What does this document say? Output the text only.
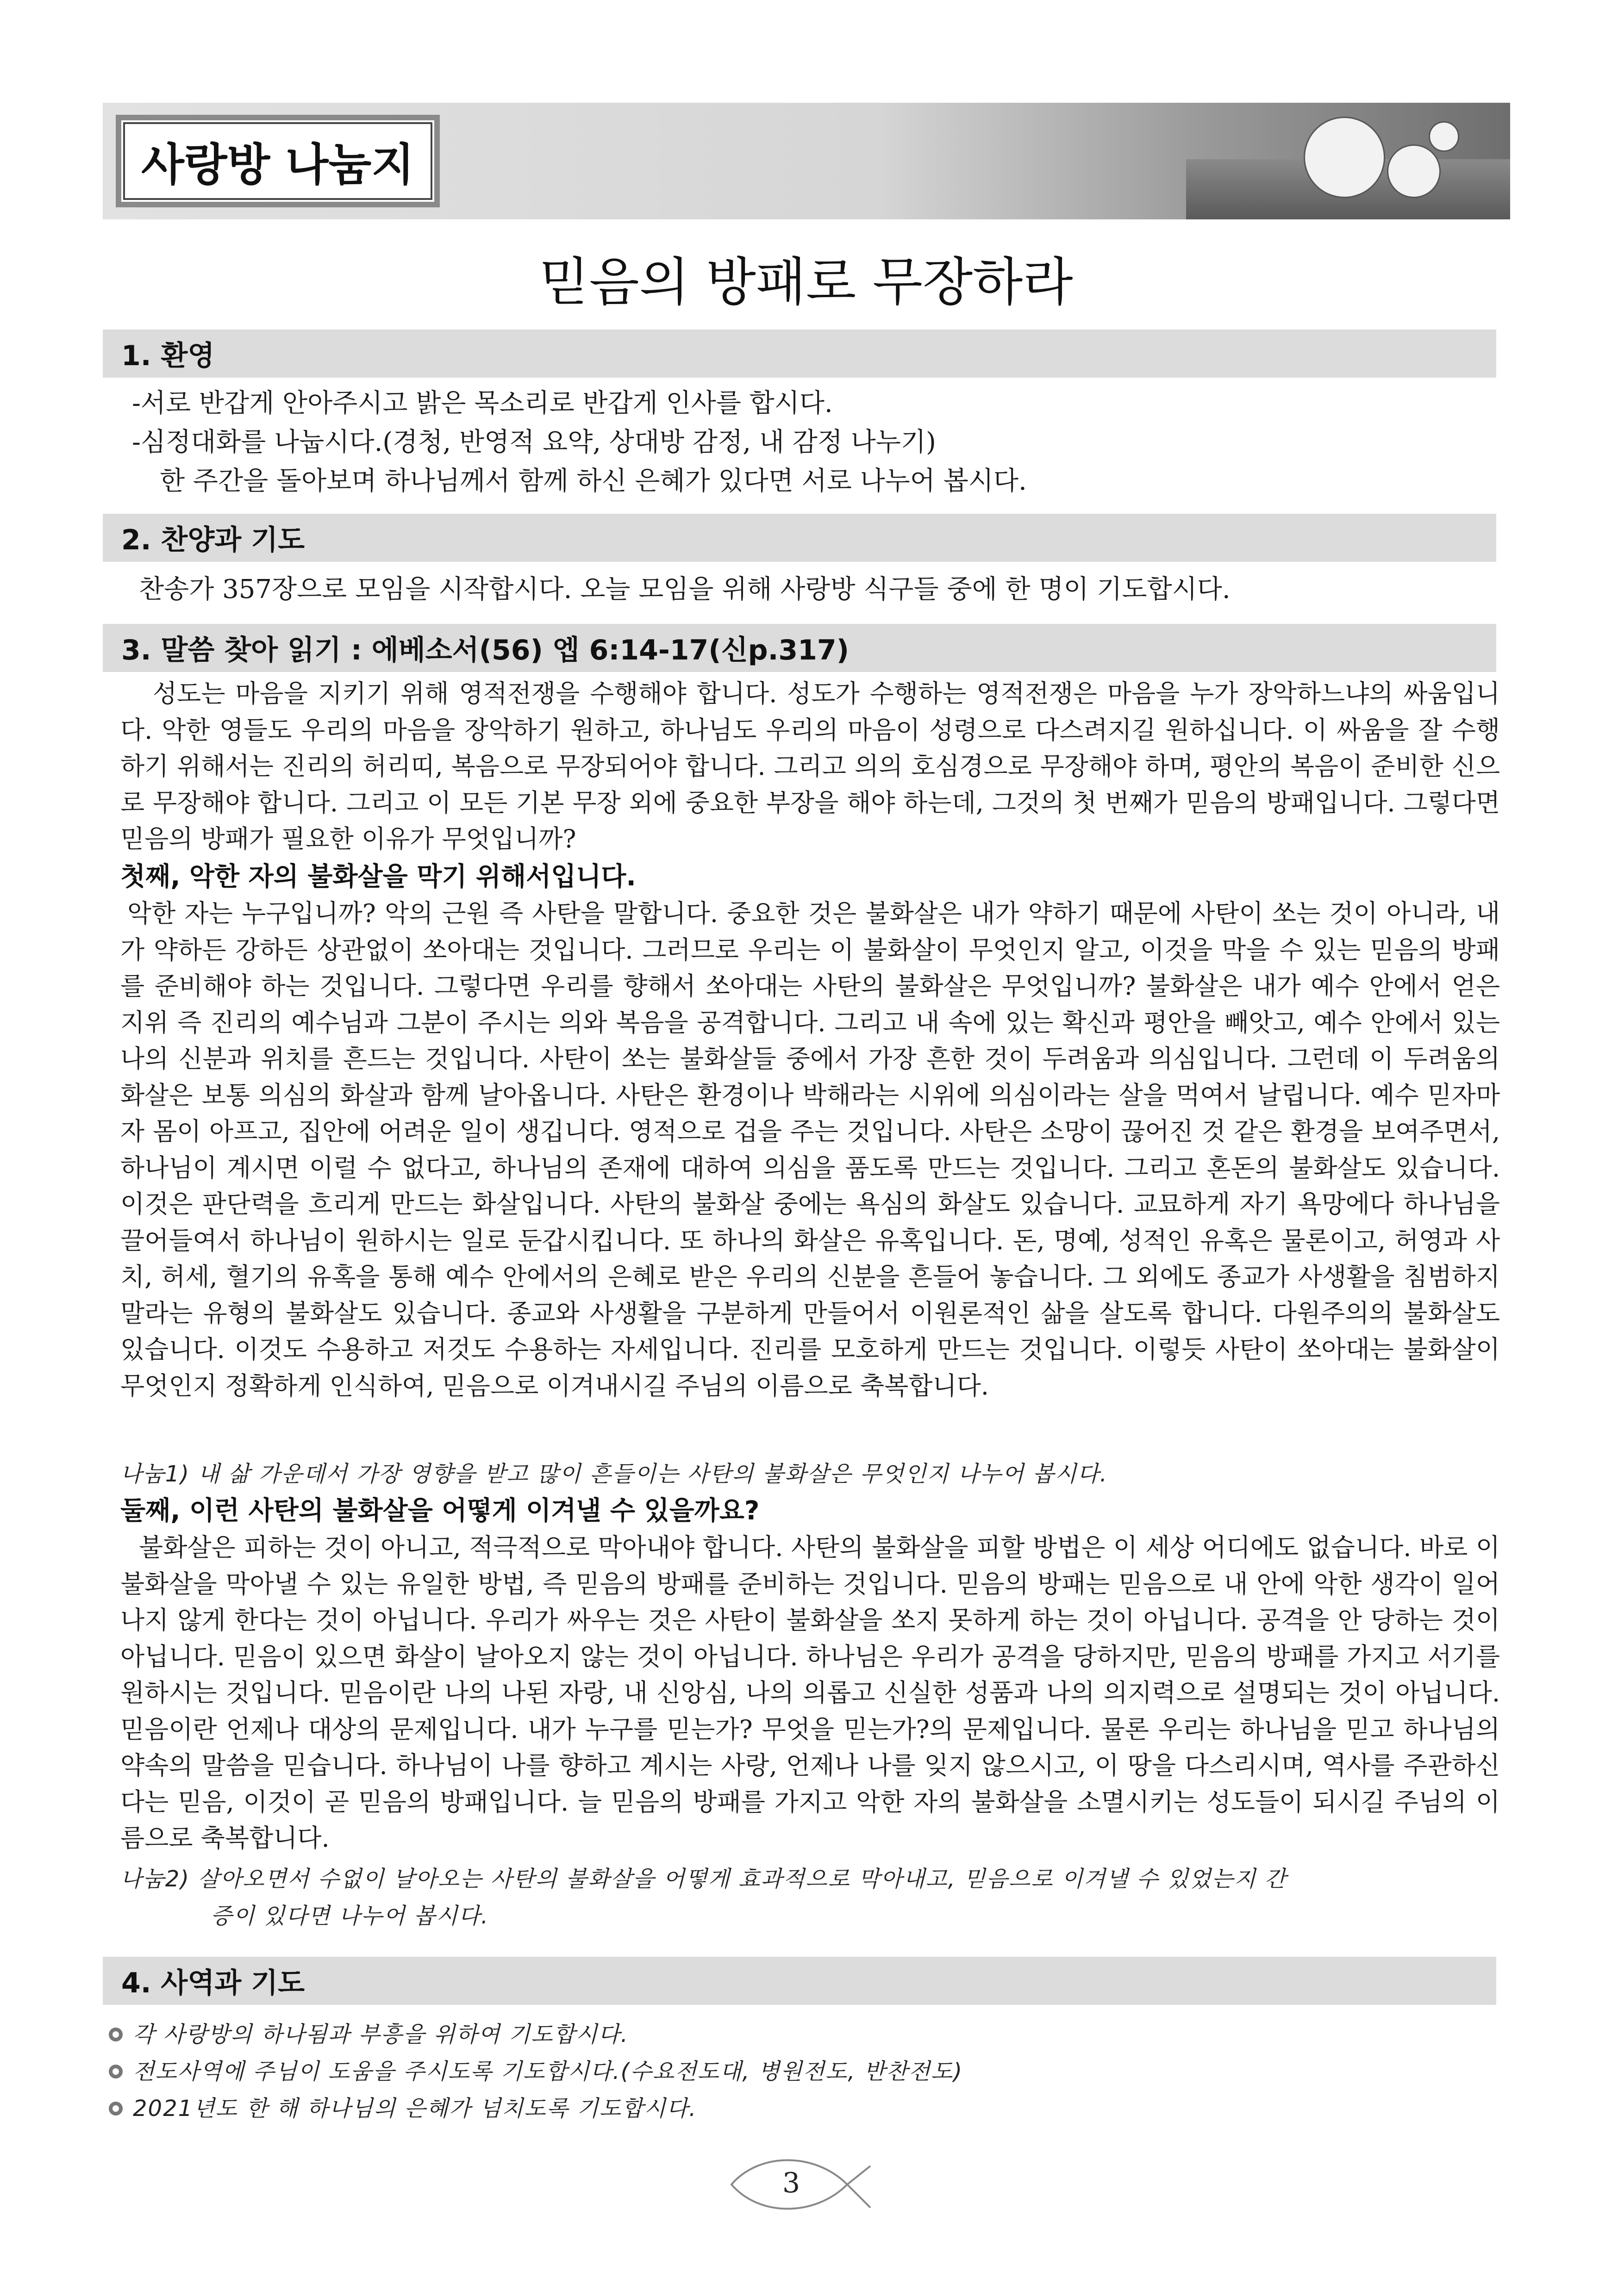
사랑방 나눔지
믿음의 방패로 무장하라
1. 환영
-서로 반갑게 안아주시고 밝은 목소리로 반갑게 인사를 합시다.
-심정대화를 나눕시다.(경청, 반영적 요약, 상대방 감정, 내 감정 나누기)
한 주간을 돌아보며 하나님께서 함께 하신 은혜가 있다면 서로 나누어 봅시다.
2. 찬양과 기도
찬송가 357장으로 모임을 시작합시다. 오늘 모임을 위해 사랑방 식구들 중에 한 명이 기도합시다.
3. 말씀 찾아 읽기 : 에베소서(56) 엡 6:14-17(신p.317)
성도는 마음을 지키기 위해 영적전쟁을 수행해야 합니다. 성도가 수행하는 영적전쟁은 마음을 누가 장악하느냐의 싸움입니다. 악한 영들도 우리의 마음을 장악하기 원하고, 하나님도 우리의 마음이 성령으로 다스려지길 원하십니다. 이 싸움을 잘 수행하기 위해서는 진리의 허리띠, 복음으로 무장되어야 합니다. 그리고 의의 호심경으로 무장해야 하며, 평안의 복음이 준비한 신으로 무장해야 합니다. 그리고 이 모든 기본 무장 외에 중요한 부장을 해야 하는데, 그것의 첫 번째가 믿음의 방패입니다. 그렇다면 믿음의 방패가 필요한 이유가 무엇입니까?
첫째, 악한 자의 불화살을 막기 위해서입니다.
악한 자는 누구입니까? 악의 근원 즉 사탄을 말합니다. 중요한 것은 불화살은 내가 약하기 때문에 사탄이 쏘는 것이 아니라, 내가 약하든 강하든 상관없이 쏘아대는 것입니다. 그러므로 우리는 이 불화살이 무엇인지 알고, 이것을 막을 수 있는 믿음의 방패를 준비해야 하는 것입니다. 그렇다면 우리를 향해서 쏘아대는 사탄의 불화살은 무엇입니까? 불화살은 내가 예수 안에서 얻은 지위 즉 진리의 예수님과 그분이 주시는 의와 복음을 공격합니다. 그리고 내 속에 있는 확신과 평안을 빼앗고, 예수 안에서 있는 나의 신분과 위치를 흔드는 것입니다. 사탄이 쏘는 불화살들 중에서 가장 흔한 것이 두려움과 의심입니다. 그런데 이 두려움의 화살은 보통 의심의 화살과 함께 날아옵니다. 사탄은 환경이나 박해라는 시위에 의심이라는 살을 먹여서 날립니다. 예수 믿자마자 몸이 아프고, 집안에 어려운 일이 생깁니다. 영적으로 겁을 주는 것입니다. 사탄은 소망이 끊어진 것 같은 환경을 보여주면서, 하나님이 계시면 이럴 수 없다고, 하나님의 존재에 대하여 의심을 품도록 만드는 것입니다. 그리고 혼돈의 불화살도 있습니다. 이것은 판단력을 흐리게 만드는 화살입니다. 사탄의 불화살 중에는 욕심의 화살도 있습니다. 교묘하게 자기 욕망에다 하나님을 끌어들여서 하나님이 원하시는 일로 둔갑시킵니다. 또 하나의 화살은 유혹입니다. 돈, 명예, 성적인 유혹은 물론이고, 허영과 사치, 허세, 혈기의 유혹을 통해 예수 안에서의 은혜로 받은 우리의 신분을 흔들어 놓습니다. 그 외에도 종교가 사생활을 침범하지 말라는 유형의 불화살도 있습니다. 종교와 사생활을 구분하게 만들어서 이원론적인 삶을 살도록 합니다. 다원주의의 불화살도 있습니다. 이것도 수용하고 저것도 수용하는 자세입니다. 진리를 모호하게 만드는 것입니다. 이렇듯 사탄이 쏘아대는 불화살이 무엇인지 정확하게 인식하여, 믿음으로 이겨내시길 주님의 이름으로 축복합니다.
나눔1) 내 삶 가운데서 가장 영향을 받고 많이 흔들이는 사탄의 불화살은 무엇인지 나누어 봅시다.
둘째, 이런 사탄의 불화살을 어떻게 이겨낼 수 있을까요?
불화살은 피하는 것이 아니고, 적극적으로 막아내야 합니다. 사탄의 불화살을 피할 방법은 이 세상 어디에도 없습니다. 바로 이 불화살을 막아낼 수 있는 유일한 방법, 즉 믿음의 방패를 준비하는 것입니다. 믿음의 방패는 믿음으로 내 안에 악한 생각이 일어나지 않게 한다는 것이 아닙니다. 우리가 싸우는 것은 사탄이 불화살을 쏘지 못하게 하는 것이 아닙니다. 공격을 안 당하는 것이 아닙니다. 믿음이 있으면 화살이 날아오지 않는 것이 아닙니다. 하나님은 우리가 공격을 당하지만, 믿음의 방패를 가지고 서기를 원하시는 것입니다. 믿음이란 나의 나된 자랑, 내 신앙심, 나의 의롭고 신실한 성품과 나의 의지력으로 설명되는 것이 아닙니다. 믿음이란 언제나 대상의 문제입니다. 내가 누구를 믿는가? 무엇을 믿는가?의 문제입니다. 물론 우리는 하나님을 믿고 하나님의 약속의 말씀을 믿습니다. 하나님이 나를 향하고 계시는 사랑, 언제나 나를 잊지 않으시고, 이 땅을 다스리시며, 역사를 주관하신다는 믿음, 이것이 곧 믿음의 방패입니다. 늘 믿음의 방패를 가지고 악한 자의 불화살을 소멸시키는 성도들이 되시길 주님의 이름으로 축복합니다.
나눔2) 살아오면서 수없이 날아오는 사탄의 불화살을 어떻게 효과적으로 막아내고, 믿음으로 이겨낼 수 있었는지 간
증이 있다면 나누어 봅시다.
4. 사역과 기도
각 사랑방의 하나됨과 부흥을 위하여 기도합시다.
전도사역에 주님이 도움을 주시도록 기도합시다.(수요전도대, 병원전도, 반찬전도)
2021년도 한 해 하나님의 은혜가 넘치도록 기도합시다.
3
